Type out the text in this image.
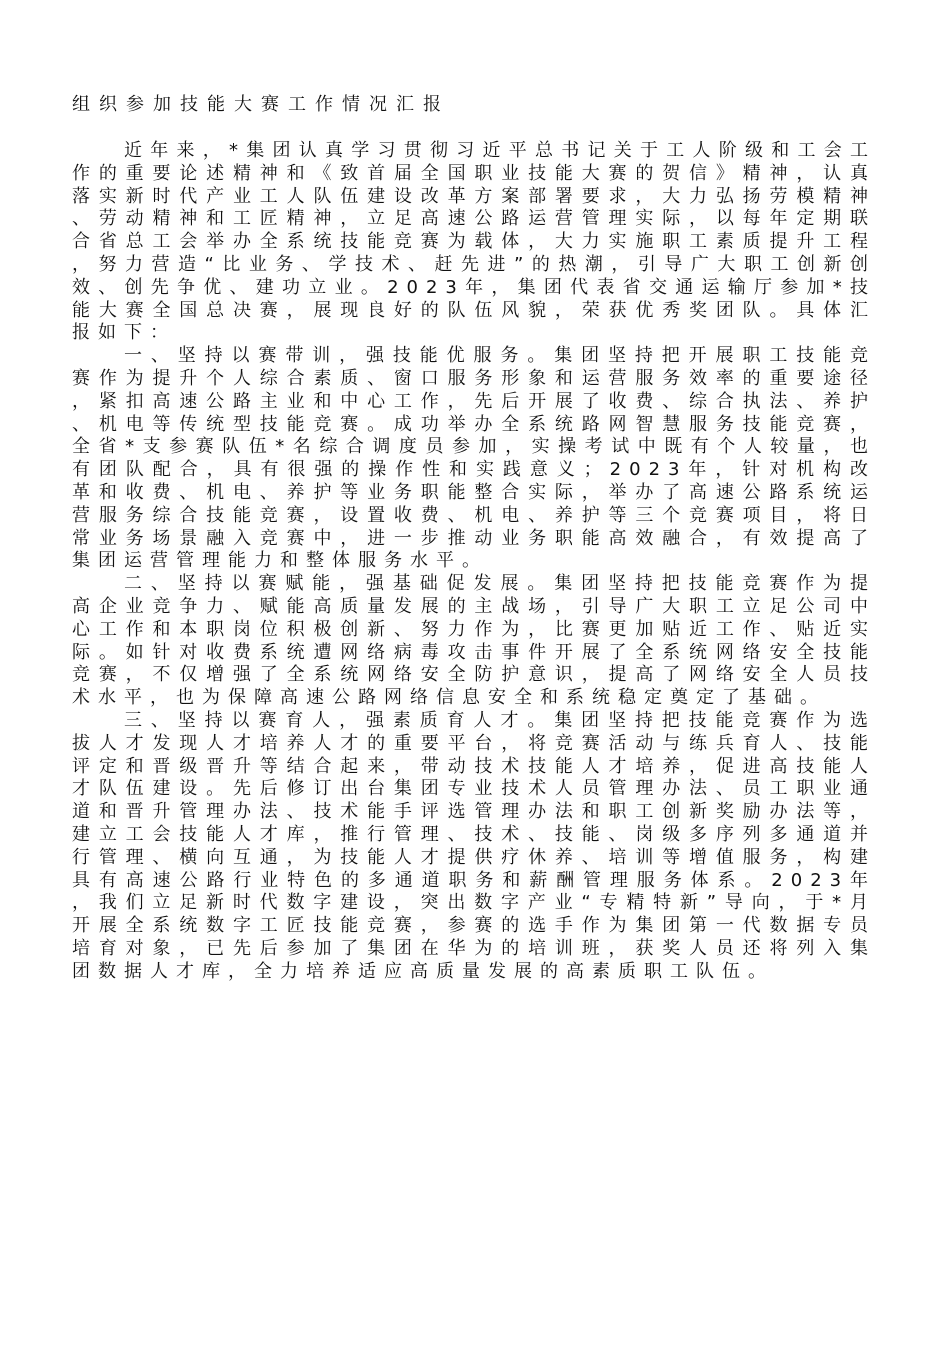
组织参加技能大赛工作情况汇报

近年来，*集团认真学习贯彻习近平总书记关于工人阶级和工会工作的重要论述精神和《致首届全国职业技能大赛的贺信》精神，认真落实新时代产业工人队伍建设改革方案部署要求，大力弘扬劳模精神、劳动精神和工匠精神，立足高速公路运营管理实际，以每年定期联合省总工会举办全系统技能竞赛为载体，大力实施职工素质提升工程，努力营造“比业务、学技术、赶先进”的热潮，引导广大职工创新创效、创先争优、建功立业。2023年，集团代表省交通运输厅参加*技能大赛全国总决赛，展现良好的队伍风貌，荣获优秀奖团队。具体汇报如下：

一、坚持以赛带训，强技能优服务。集团坚持把开展职工技能竞赛作为提升个人综合素质、窗口服务形象和运营服务效率的重要途径，紧扣高速公路主业和中心工作，先后开展了收费、综合执法、养护、机电等传统型技能竞赛。成功举办全系统路网智慧服务技能竞赛，全省*支参赛队伍*名综合调度员参加，实操考试中既有个人较量，也有团队配合，具有很强的操作性和实践意义；2023年，针对机构改革和收费、机电、养护等业务职能整合实际，举办了高速公路系统运营服务综合技能竞赛，设置收费、机电、养护等三个竞赛项目，将日常业务场景融入竞赛中，进一步推动业务职能高效融合，有效提高了集团运营管理能力和整体服务水平。

二、坚持以赛赋能，强基础促发展。集团坚持把技能竞赛作为提高企业竞争力、赋能高质量发展的主战场，引导广大职工立足公司中心工作和本职岗位积极创新、努力作为，比赛更加贴近工作、贴近实际。如针对收费系统遭网络病毒攻击事件开展了全系统网络安全技能竞赛，不仅增强了全系统网络安全防护意识，提高了网络安全人员技术水平，也为保障高速公路网络信息安全和系统稳定奠定了基础。

三、坚持以赛育人，强素质育人才。集团坚持把技能竞赛作为选拔人才发现人才培养人才的重要平台，将竞赛活动与练兵育人、技能评定和晋级晋升等结合起来，带动技术技能人才培养，促进高技能人才队伍建设。先后修订出台集团专业技术人员管理办法、员工职业通道和晋升管理办法、技术能手评选管理办法和职工创新奖励办法等，建立工会技能人才库，推行管理、技术、技能、岗级多序列多通道并行管理、横向互通，为技能人才提供疗休养、培训等增值服务，构建具有高速公路行业特色的多通道职务和薪酬管理服务体系。2023年，我们立足新时代数字建设，突出数字产业“专精特新”导向，于*月开展全系统数字工匠技能竞赛，参赛的选手作为集团第一代数据专员培育对象，已先后参加了集团在华为的培训班，获奖人员还将列入集团数据人才库，全力培养适应高质量发展的高素质职工队伍。
